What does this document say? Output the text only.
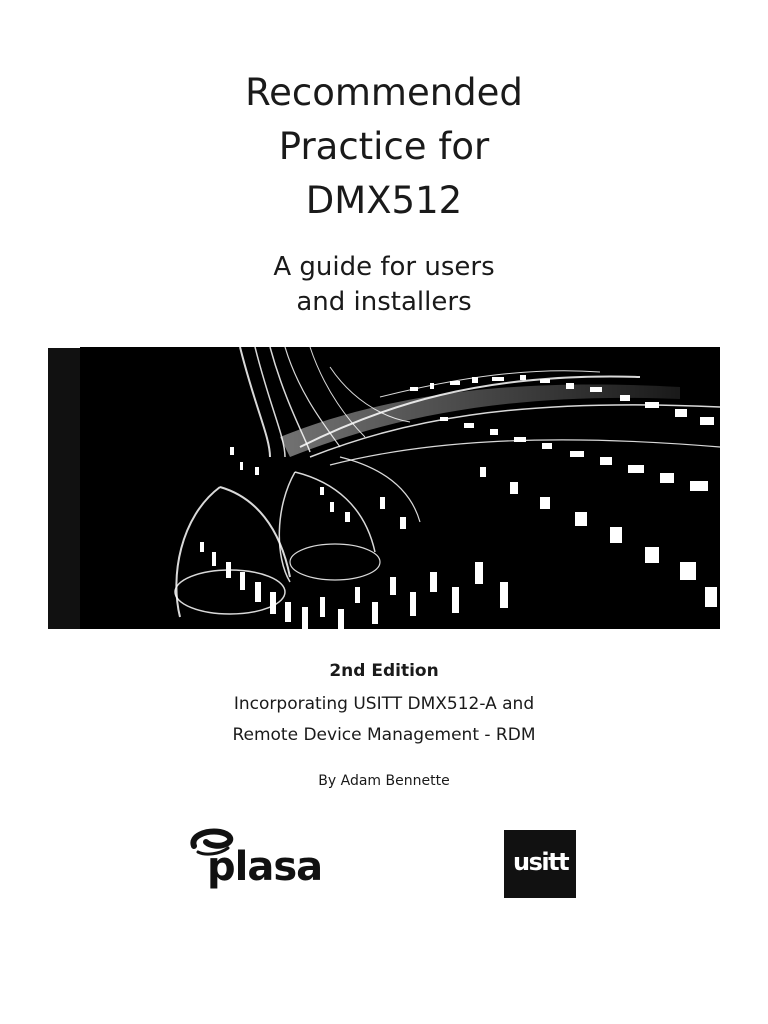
Recommended
Practice for
DMX512
A guide for users
and installers
2nd Edition
Incorporating USITT DMX512-A and
Remote Device Management - RDM
By Adam Bennette
plasa	usitt
